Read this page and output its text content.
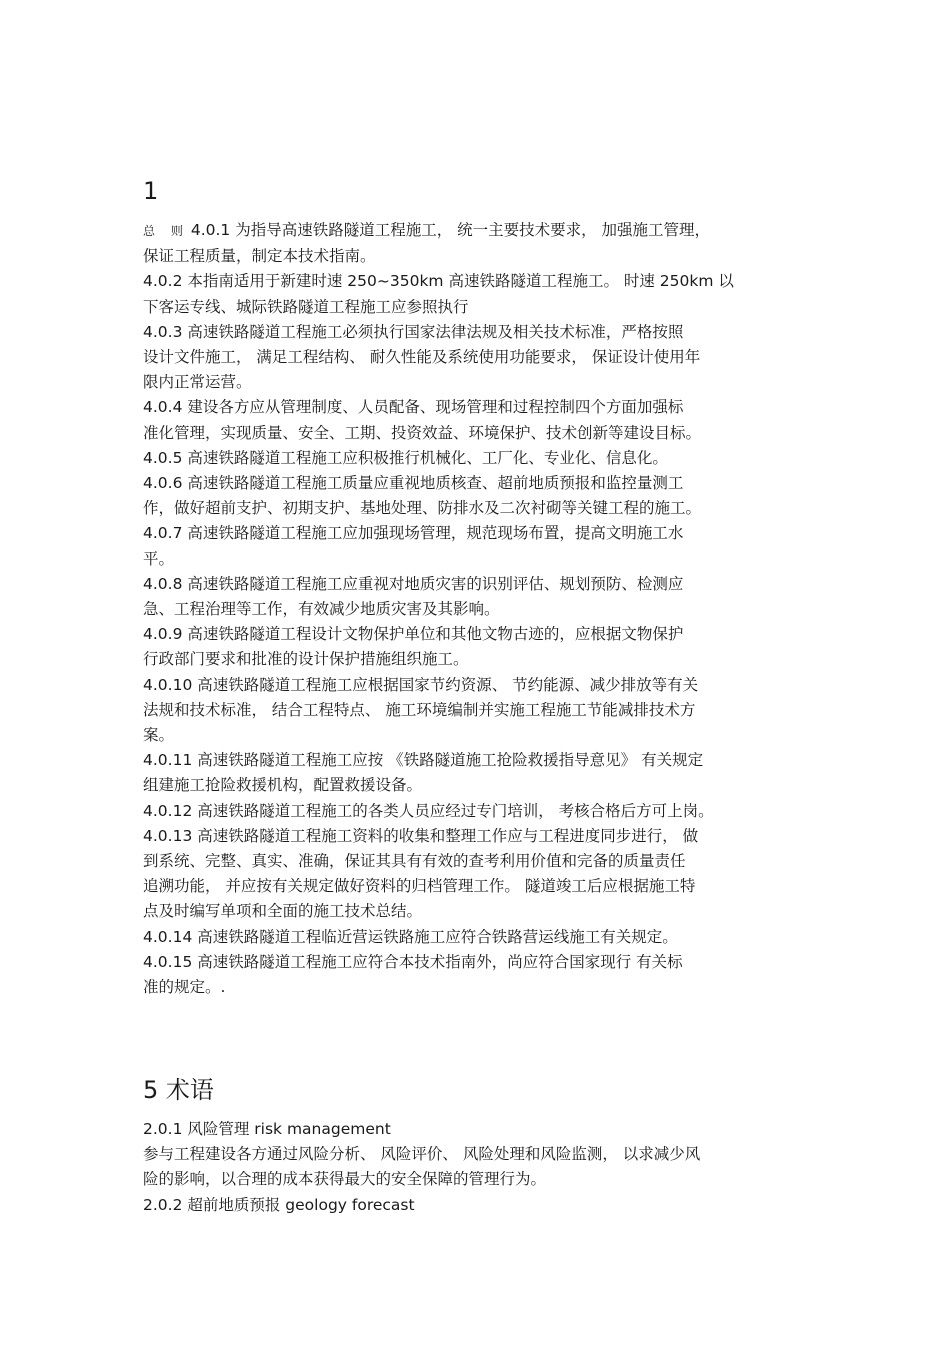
1

总 则 4.0.1 为指导高速铁路隧道工程施工， 统一主要技术要求， 加强施工管理，
保证工程质量，制定本技术指南。

4.0.2 本指南适用于新建时速 250~350km 高速铁路隧道工程施工。 时速 250km 以
下客运专线、城际铁路隧道工程施工应参照执行

4.0.3 高速铁路隧道工程施工必须执行国家法律法规及相关技术标准，严格按照
设计文件施工， 满足工程结构、 耐久性能及系统使用功能要求， 保证设计使用年
限内正常运营。

4.0.4 建设各方应从管理制度、人员配备、现场管理和过程控制四个方面加强标
准化管理，实现质量、安全、工期、投资效益、环境保护、技术创新等建设目标。

4.0.5 高速铁路隧道工程施工应积极推行机械化、工厂化、专业化、信息化。

4.0.6 高速铁路隧道工程施工质量应重视地质核查、超前地质预报和监控量测工
作，做好超前支护、初期支护、基地处理、防排水及二次衬砌等关键工程的施工。

4.0.7 高速铁路隧道工程施工应加强现场管理，规范现场布置，提高文明施工水
平。

4.0.8 高速铁路隧道工程施工应重视对地质灾害的识别评估、规划预防、检测应
急、工程治理等工作，有效减少地质灾害及其影响。

4.0.9 高速铁路隧道工程设计文物保护单位和其他文物古迹的，应根据文物保护
行政部门要求和批准的设计保护措施组织施工。

4.0.10 高速铁路隧道工程施工应根据国家节约资源、 节约能源、减少排放等有关
法规和技术标准， 结合工程特点、 施工环境编制并实施工程施工节能减排技术方
案。

4.0.11 高速铁路隧道工程施工应按 《铁路隧道施工抢险救援指导意见》 有关规定
组建施工抢险救援机构，配置救援设备。

4.0.12 高速铁路隧道工程施工的各类人员应经过专门培训， 考核合格后方可上岗。

4.0.13 高速铁路隧道工程施工资料的收集和整理工作应与工程进度同步进行， 做
到系统、完整、真实、准确，保证其具有有效的查考利用价值和完备的质量责任
追溯功能， 并应按有关规定做好资料的归档管理工作。 隧道竣工后应根据施工特
点及时编写单项和全面的施工技术总结。

4.0.14 高速铁路隧道工程临近营运铁路施工应符合铁路营运线施工有关规定。

4.0.15 高速铁路隧道工程施工应符合本技术指南外，尚应符合国家现行 有关标
准的规定。.

5 术语

2.0.1 风险管理 risk management

参与工程建设各方通过风险分析、 风险评价、 风险处理和风险监测， 以求减少风
险的影响，以合理的成本获得最大的安全保障的管理行为。

2.0.2 超前地质预报 geology forecast
